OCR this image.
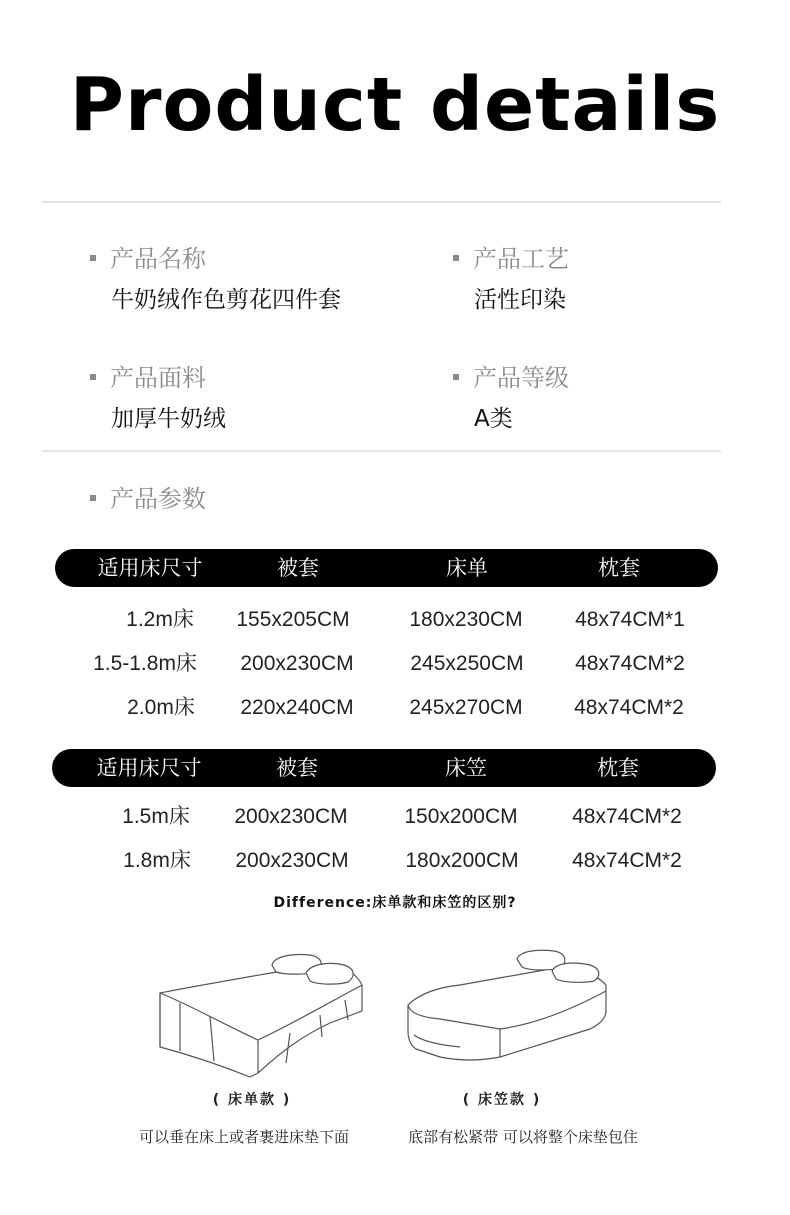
Product details
产品名称
牛奶绒作色剪花四件套
产品工艺
活性印染
产品面料
加厚牛奶绒
产品等级
A类
产品参数
适用床尺寸	被套	床单	枕套
1.2m床 155x205CM	180x230CM	48x74CM*1
1.5-1.8m床 200x230CM	245x250CM 48x74CM*2
2.0m床 220x240CM	245x270CM 48x74CM*2
适用床尺寸	被套	床笠	枕套
1.5m床 200x230CM	150x200CM	48x74CM*2
1.8m床 200x230CM	180x200CM	48x74CM*2
Difference:床单款和床笠的区别?
( 床单款 )	( 床笠款 )
可以垂在床上或者裹进床垫下面	底部有松紧带 可以将整个床垫包住
